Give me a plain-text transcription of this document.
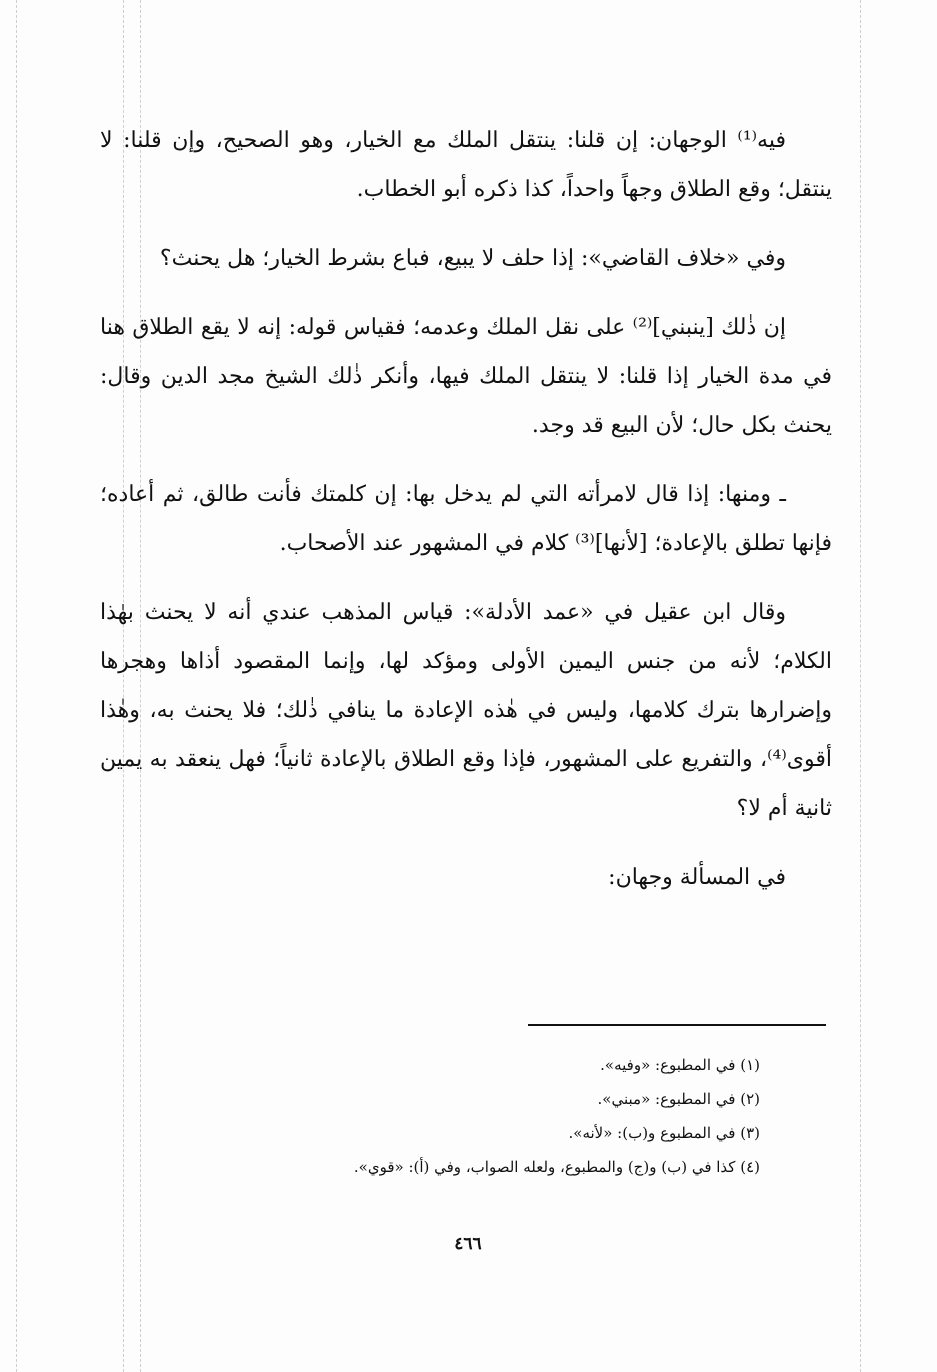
فيه⁽¹⁾ الوجهان: إن قلنا: ينتقل الملك مع الخيار، وهو الصحيح، وإن قلنا: لا ينتقل؛ وقع الطلاق وجهاً واحداً، كذا ذكره أبو الخطاب.

وفي «خلاف القاضي»: إذا حلف لا يبيع، فباع بشرط الخيار؛ هل يحنث؟

إن ذٰلك [ينبني]⁽²⁾ على نقل الملك وعدمه؛ فقياس قوله: إنه لا يقع الطلاق هنا في مدة الخيار إذا قلنا: لا ينتقل الملك فيها، وأنكر ذٰلك الشيخ مجد الدين وقال: يحنث بكل حال؛ لأن البيع قد وجد.

ـ ومنها: إذا قال لامرأته التي لم يدخل بها: إن كلمتك فأنت طالق، ثم أعاده؛ فإنها تطلق بالإعادة؛ [لأنها]⁽³⁾ كلام في المشهور عند الأصحاب.

وقال ابن عقيل في «عمد الأدلة»: قياس المذهب عندي أنه لا يحنث بهٰذا الكلام؛ لأنه من جنس اليمين الأولى ومؤكد لها، وإنما المقصود أذاها وهجرها وإضرارها بترك كلامها، وليس في هٰذه الإعادة ما ينافي ذٰلك؛ فلا يحنث به، وهٰذا أقوى⁽⁴⁾، والتفريع على المشهور، فإذا وقع الطلاق بالإعادة ثانياً؛ فهل ينعقد به يمين ثانية أم لا؟

في المسألة وجهان:

(١) في المطبوع: «وفيه».
(٢) في المطبوع: «مبني».
(٣) في المطبوع و(ب): «لأنه».
(٤) كذا في (ب) و(ج) والمطبوع، ولعله الصواب، وفي (أ): «قوي».
٤٦٦
